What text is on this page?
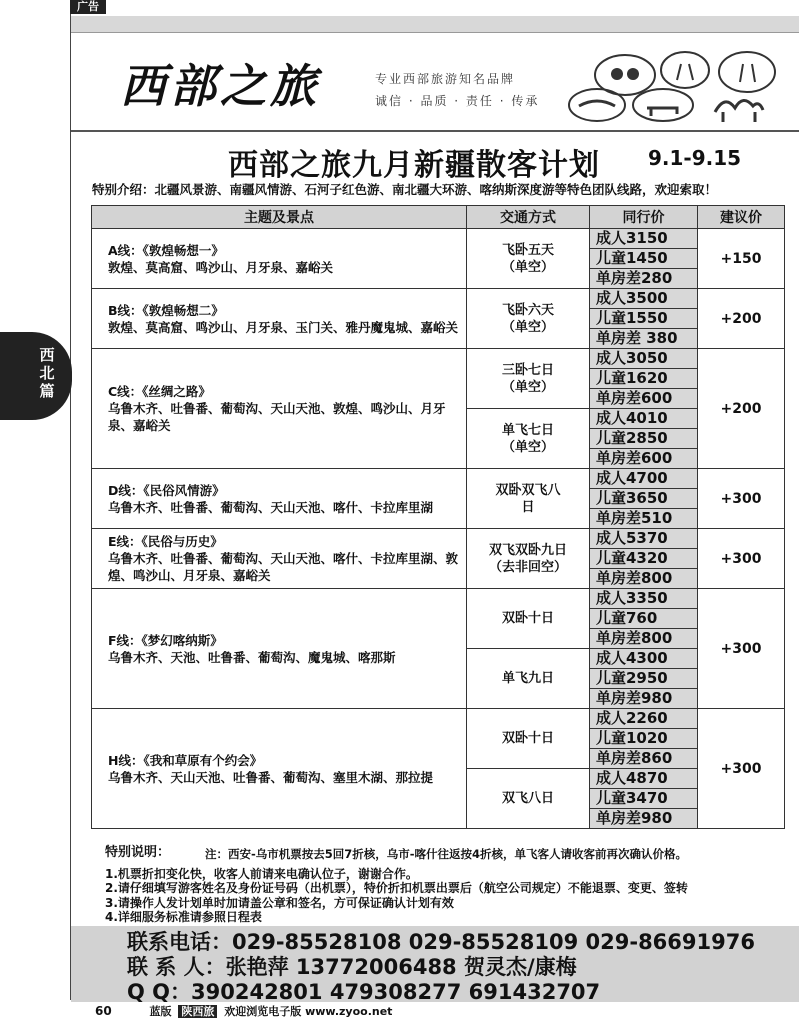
广告
西
北
篇
西部之旅	专业西部旅游知名品牌
诚信 · 品质 · 责任 · 传承
西部之旅九月新疆散客计划 9.1-9.15
特别介绍：北疆风景游、南疆风情游、石河子红色游、南北疆大环游、喀纳斯深度游等特色团队线路，欢迎索取！
主题及景点	交通方式	同行价	建议价

A线：《敦煌畅想一》
敦煌、莫高窟、鸣沙山、月牙泉、嘉峪关	飞卧五天（单空）	成人3150	+150
		儿童1450	
		单房差280	

B线：《敦煌畅想二》
敦煌、莫高窟、鸣沙山、月牙泉、玉门关、雅丹魔鬼城、嘉峪关	飞卧六天（单空）	成人3500	+200
		儿童1550	
		单房差 380	

C线：《丝绸之路》
乌鲁木齐、吐鲁番、葡萄沟、天山天池、敦煌、鸣沙山、月牙泉、嘉峪关	三卧七日（单空）	成人3050	+200
		儿童1620	
		单房差600	

	单飞七日（单空）	成人4010	
		儿童2850	
		单房差600	

D线：《民俗风情游》
乌鲁木齐、吐鲁番、葡萄沟、天山天池、喀什、卡拉库里湖	双卧双飞八日	成人4700	+300
		儿童3650	
		单房差510	

E线：《民俗与历史》
乌鲁木齐、吐鲁番、葡萄沟、天山天池、喀什、卡拉库里湖、敦煌、鸣沙山、月牙泉、嘉峪关	双飞双卧九日（去非回空）	成人5370	+300
		儿童4320	
		单房差800	

F线：《梦幻喀纳斯》
乌鲁木齐、天池、吐鲁番、葡萄沟、魔鬼城、喀那斯	双卧十日	成人3350	+300
		儿童760	
		单房差800	
	单飞九日	成人4300	
		儿童2950	
		单房差980	

H线：《我和草原有个约会》
乌鲁木齐、天山天池、吐鲁番、葡萄沟、塞里木湖、那拉提	双卧十日	成人2260	+300
		儿童1020	
		单房差860	
	双飞八日	成人4870	
		儿童3470	
		单房差980	
特别说明：
1.机票折扣变化快，收客人前请来电确认位子，谢谢合作。
2.请仔细填写游客姓名及身份证号码（出机票），特价折扣机票出票后（航空公司规定）不能退票、变更、签转
3.请操作人发计划单时加请盖公章和签名，方可保证确认计划有效
4.详细服务标准请参照日程表
注：西安-乌市机票按去5回7折核，乌市-喀什往返按4折核，单飞客人请收客前再次确认价格。
联系电话：029-85528108 029-85528109 029-86691976
联 系 人：张艳萍 13772006488 贺灵杰/康梅
Q Q：390242801 479308277 691432707
60	蓝版 陕西旅 欢迎浏览电子版 www.zyoo.net
